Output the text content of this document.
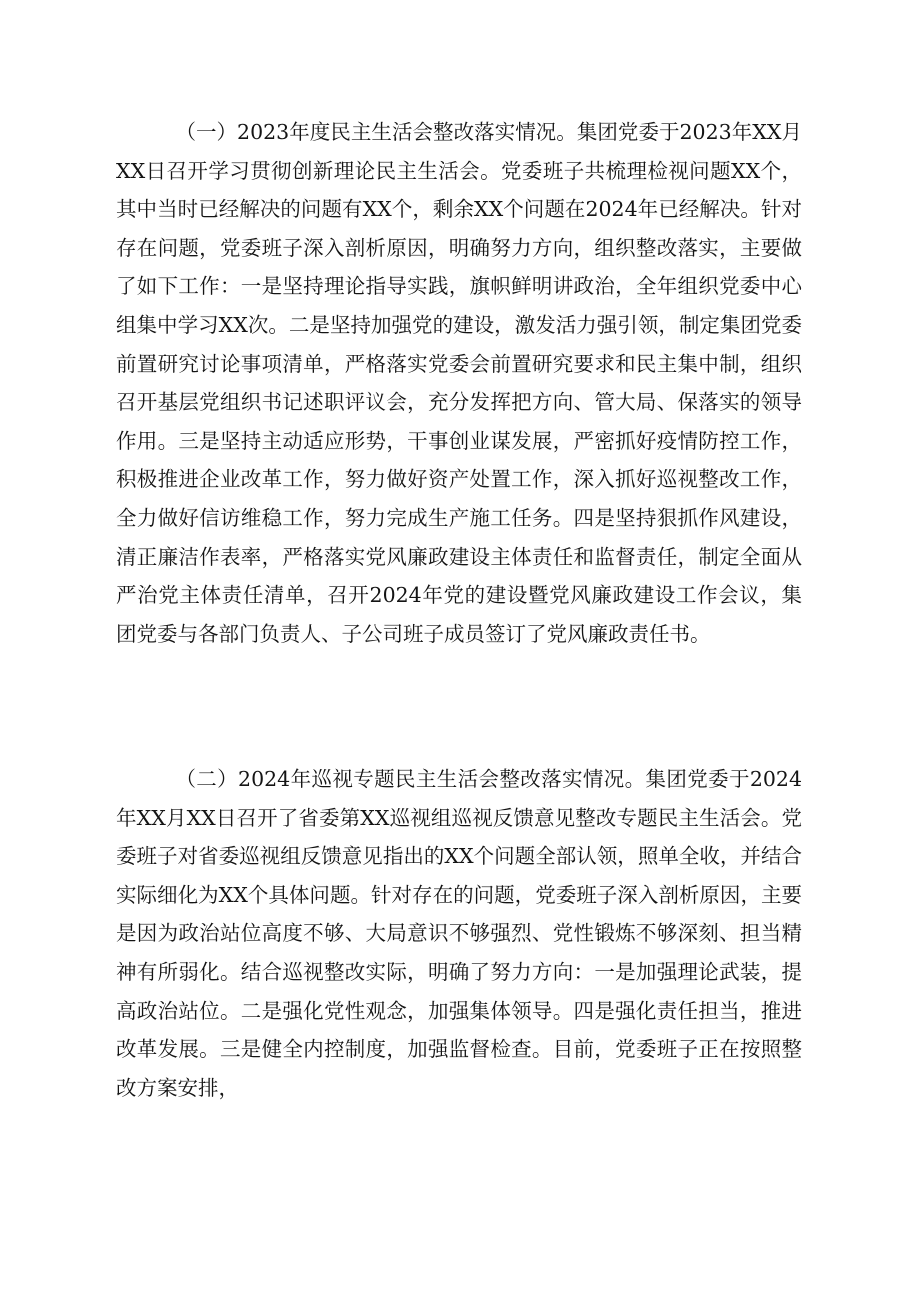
（一）2023年度民主生活会整改落实情况。集团党委于2023年XX月XX日召开学习贯彻创新理论民主生活会。党委班子共梳理检视问题XX个，其中当时已经解决的问题有XX个，剩余XX个问题在2024年已经解决。针对存在问题，党委班子深入剖析原因，明确努力方向，组织整改落实，主要做了如下工作：一是坚持理论指导实践，旗帜鲜明讲政治，全年组织党委中心组集中学习XX次。二是坚持加强党的建设，激发活力强引领，制定集团党委前置研究讨论事项清单，严格落实党委会前置研究要求和民主集中制，组织召开基层党组织书记述职评议会，充分发挥把方向、管大局、保落实的领导作用。三是坚持主动适应形势，干事创业谋发展，严密抓好疫情防控工作，积极推进企业改革工作，努力做好资产处置工作，深入抓好巡视整改工作，全力做好信访维稳工作，努力完成生产施工任务。四是坚持狠抓作风建设，清正廉洁作表率，严格落实党风廉政建设主体责任和监督责任，制定全面从严治党主体责任清单，召开2024年党的建设暨党风廉政建设工作会议，集团党委与各部门负责人、子公司班子成员签订了党风廉政责任书。

（二）2024年巡视专题民主生活会整改落实情况。集团党委于2024年XX月XX日召开了省委第XX巡视组巡视反馈意见整改专题民主生活会。党委班子对省委巡视组反馈意见指出的XX个问题全部认领，照单全收，并结合实际细化为XX个具体问题。针对存在的问题，党委班子深入剖析原因，主要是因为政治站位高度不够、大局意识不够强烈、党性锻炼不够深刻、担当精神有所弱化。结合巡视整改实际，明确了努力方向：一是加强理论武装，提高政治站位。二是强化党性观念，加强集体领导。四是强化责任担当，推进改革发展。三是健全内控制度，加强监督检查。目前，党委班子正在按照整改方案安排，
